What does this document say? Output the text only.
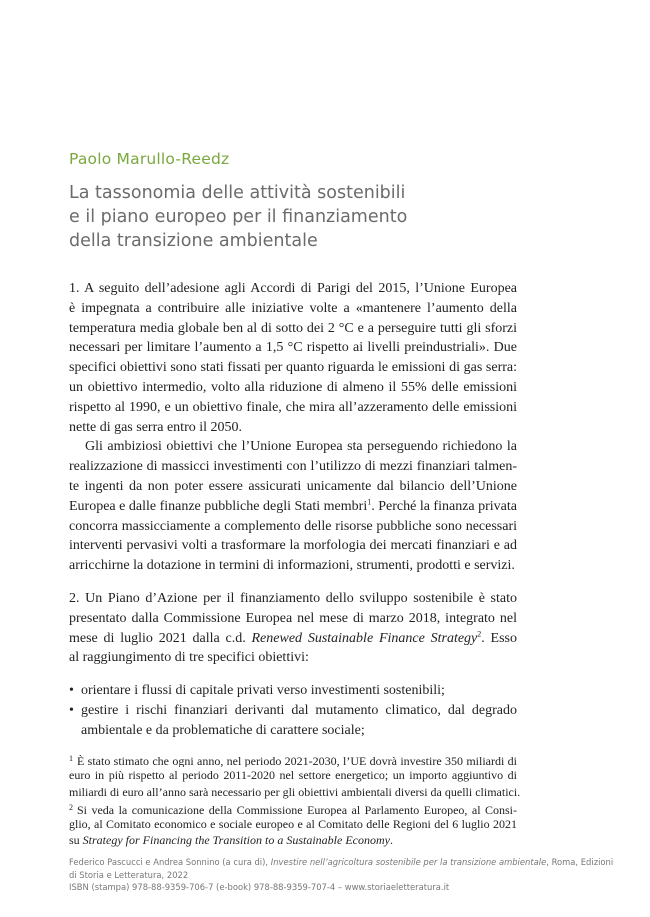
Paolo Marullo-Reedz
La tassonomia delle attività sostenibili
e il piano europeo per il finanziamento
della transizione ambientale
1. A seguito dell’adesione agli Accordi di Parigi del 2015, l’Unione Europea
è impegnata a contribuire alle iniziative volte a «mantenere l’aumento della
temperatura media globale ben al di sotto dei 2 °C e a perseguire tutti gli sforzi
necessari per limitare l’aumento a 1,5 °C rispetto ai livelli preindustriali». Due
specifici obiettivi sono stati fissati per quanto riguarda le emissioni di gas serra:
un obiettivo intermedio, volto alla riduzione di almeno il 55% delle emissioni
rispetto al 1990, e un obiettivo finale, che mira all’azzeramento delle emissioni
nette di gas serra entro il 2050.
Gli ambiziosi obiettivi che l’Unione Europea sta perseguendo richiedono la
realizzazione di massicci investimenti con l’utilizzo di mezzi finanziari talmen-
te ingenti da non poter essere assicurati unicamente dal bilancio dell’Unione
Europea e dalle finanze pubbliche degli Stati membri$^1$. Perché la finanza privata
concorra massicciamente a complemento delle risorse pubbliche sono necessari
interventi pervasivi volti a trasformare la morfologia dei mercati finanziari e ad
arricchirne la dotazione in termini di informazioni, strumenti, prodotti e servizi.
2. Un Piano d’Azione per il finanziamento dello sviluppo sostenibile è stato
presentato dalla Commissione Europea nel mese di marzo 2018, integrato nel
mese di luglio 2021 dalla c.d. Renewed Sustainable Finance Strategy$^2$. Esso
al raggiungimento di tre specifici obiettivi:
• orientare i flussi di capitale privati verso investimenti sostenibili;
• gestire i rischi finanziari derivanti dal mutamento climatico, dal degrado
ambientale e da problematiche di carattere sociale;
$^1$ È stato stimato che ogni anno, nel periodo 2021-2030, l’UE dovrà investire 350 miliardi di
euro in più rispetto al periodo 2011-2020 nel settore energetico; un importo aggiuntivo di
miliardi di euro all’anno sarà necessario per gli obiettivi ambientali diversi da quelli climatici.
$^2$ Si veda la comunicazione della Commissione Europea al Parlamento Europeo, al Consi-
glio, al Comitato economico e sociale europeo e al Comitato delle Regioni del 6 luglio 2021
su Strategy for Financing the Transition to a Sustainable Economy.
Federico Pascucci e Andrea Sonnino (a cura di), Investire nell’agricoltura sostenibile per la transizione ambientale, Roma, Edizioni
di Storia e Letteratura, 2022
ISBN (stampa) 978-88-9359-706-7 (e-book) 978-88-9359-707-4 – www.storiaeletteratura.it
